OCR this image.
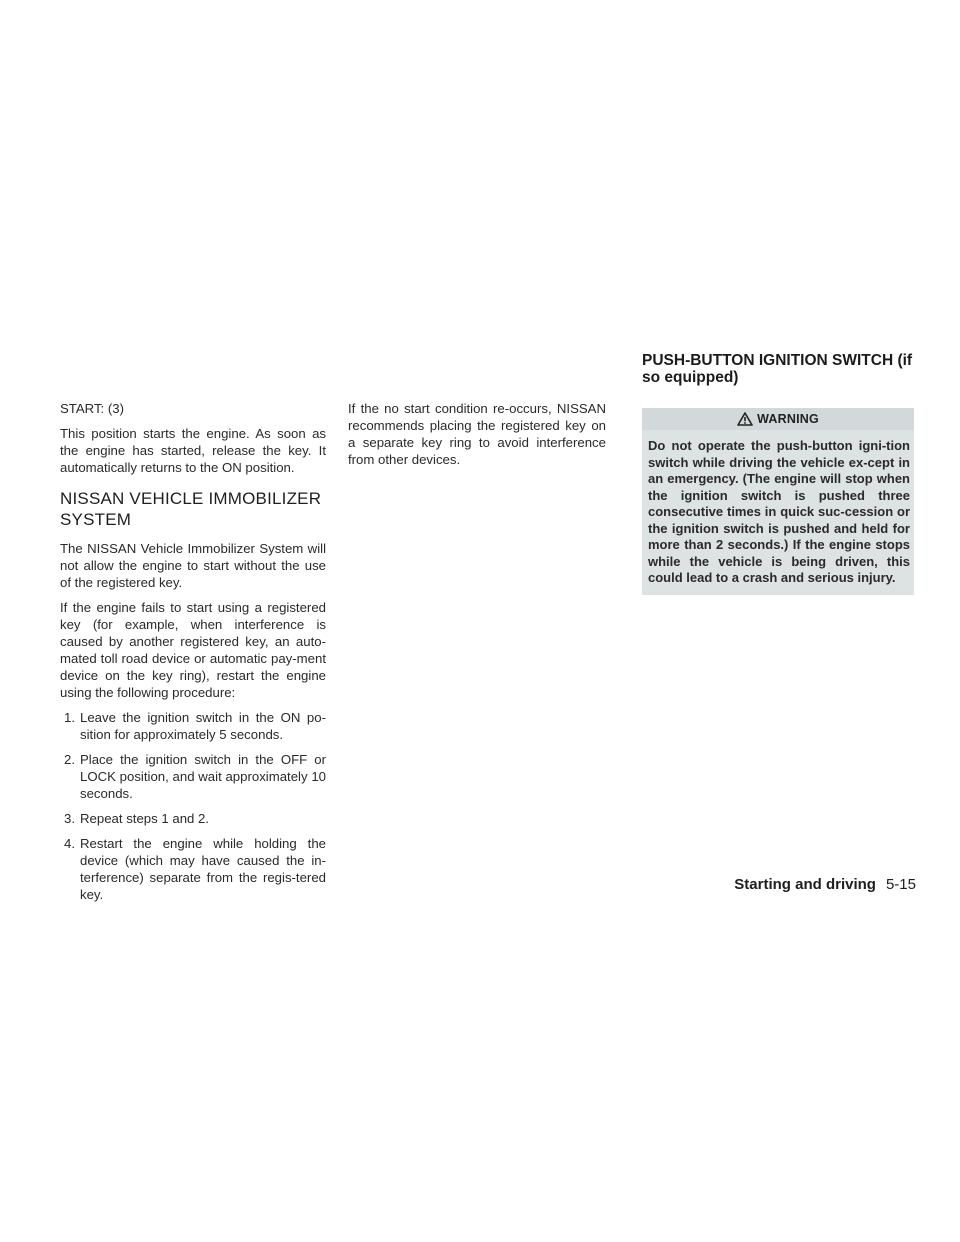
START: (3)

This position starts the engine. As soon as the engine has started, release the key. It automatically returns to the ON position.

NISSAN VEHICLE IMMOBILIZER SYSTEM

The NISSAN Vehicle Immobilizer System will not allow the engine to start without the use of the registered key.

If the engine fails to start using a registered key (for example, when interference is caused by another registered key, an auto-mated toll road device or automatic pay-ment device on the key ring), restart the engine using the following procedure:

1. Leave the ignition switch in the ON po-sition for approximately 5 seconds.
2. Place the ignition switch in the OFF or LOCK position, and wait approximately 10 seconds.
3. Repeat steps 1 and 2.
4. Restart the engine while holding the device (which may have caused the in-terference) separate from the regis-tered key.

If the no start condition re-occurs, NISSAN recommends placing the registered key on a separate key ring to avoid interference from other devices.

PUSH-BUTTON IGNITION SWITCH (if so equipped)
WARNING
Do not operate the push-button igni-tion switch while driving the vehicle ex-cept in an emergency. (The engine will stop when the ignition switch is pushed three consecutive times in quick suc-cession or the ignition switch is pushed and held for more than 2 seconds.) If the engine stops while the vehicle is being driven, this could lead to a crash and serious injury.
Starting and driving 5-15
